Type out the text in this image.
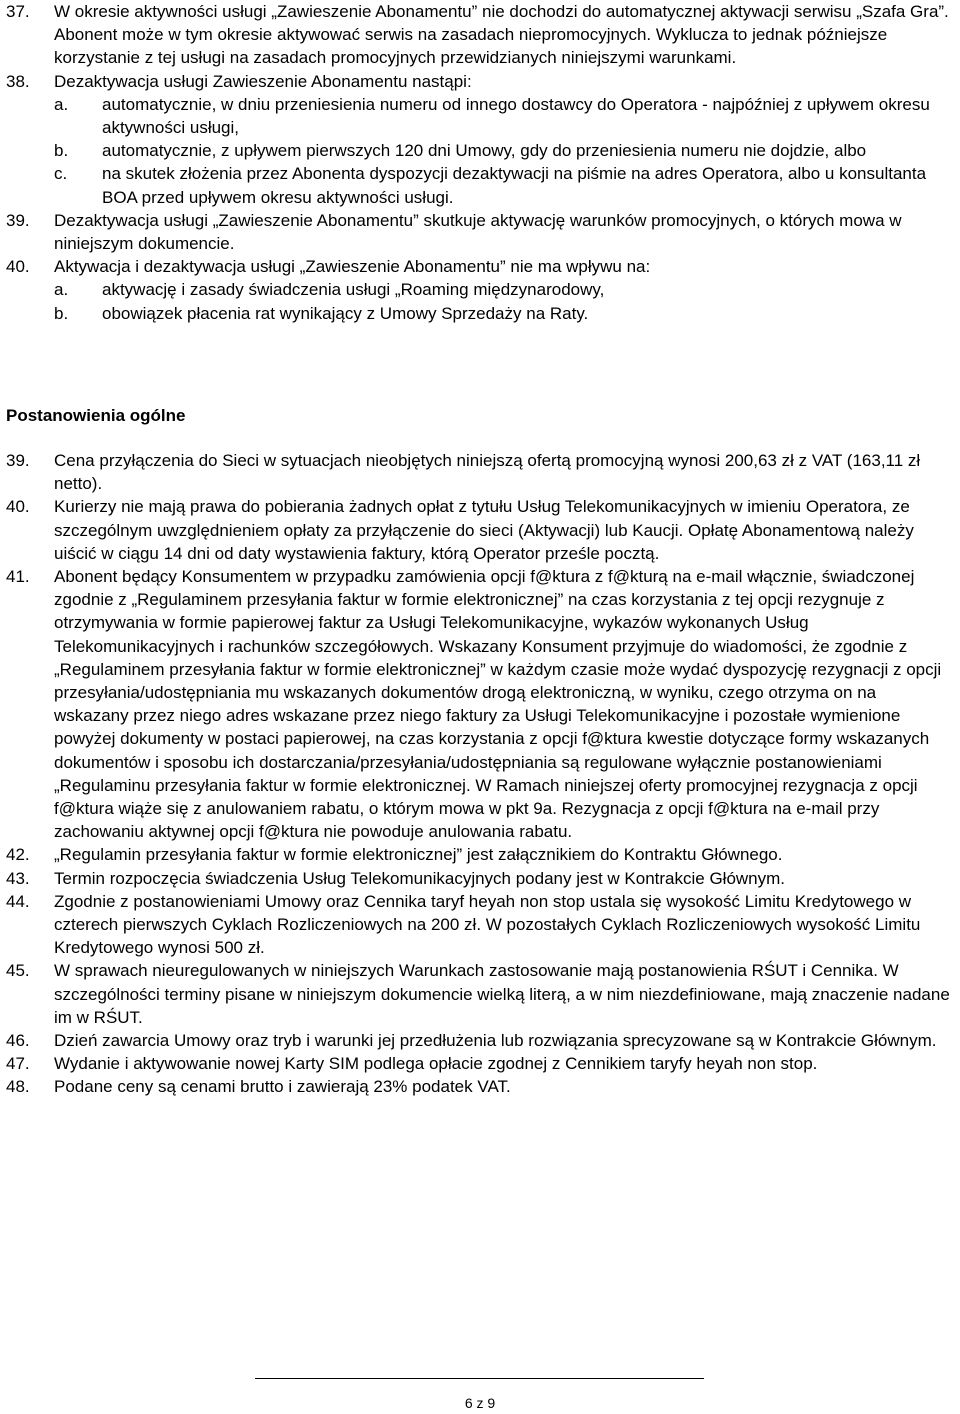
37.	W okresie aktywności usługi „Zawieszenie Abonamentu” nie dochodzi do automatycznej aktywacji serwisu „Szafa Gra”. Abonent może w tym okresie aktywować serwis na zasadach niepromocyjnych. Wyklucza to jednak późniejsze korzystanie z tej usługi na zasadach promocyjnych przewidzianych niniejszymi warunkami.
38.	Dezaktywacja usługi Zawieszenie Abonamentu nastąpi:
a.	automatycznie, w dniu przeniesienia numeru od innego dostawcy do Operatora - najpóźniej z upływem okresu aktywności usługi,
b.	automatycznie, z upływem pierwszych 120 dni Umowy, gdy do przeniesienia numeru nie dojdzie, albo
c.	na skutek złożenia przez Abonenta dyspozycji dezaktywacji na piśmie na adres Operatora, albo u konsultanta BOA przed upływem okresu aktywności usługi.
39.	Dezaktywacja usługi „Zawieszenie Abonamentu” skutkuje aktywację warunków promocyjnych, o których mowa w niniejszym dokumencie.
40.	Aktywacja i dezaktywacja usługi „Zawieszenie Abonamentu” nie ma wpływu na:
a.	aktywację i zasady świadczenia usługi „Roaming międzynarodowy,
b.	obowiązek płacenia rat wynikający z Umowy Sprzedaży na Raty.
Postanowienia ogólne
39.	Cena przyłączenia do Sieci w sytuacjach nieobjętych niniejszą ofertą promocyjną wynosi 200,63 zł z VAT (163,11 zł netto).
40.	Kurierzy nie mają prawa do pobierania żadnych opłat z tytułu Usług Telekomunikacyjnych w imieniu Operatora, ze szczególnym uwzględnieniem opłaty za przyłączenie do sieci (Aktywacji) lub Kaucji. Opłatę Abonamentową należy uiścić w ciągu 14 dni od daty wystawienia faktury, którą Operator prześle pocztą.
41.	Abonent będący Konsumentem w przypadku zamówienia opcji f@ktura z f@kturą na e-mail włącznie, świadczonej zgodnie z „Regulaminem przesyłania faktur w formie elektronicznej” na czas korzystania z tej opcji rezygnuje z otrzymywania w formie papierowej faktur za Usługi Telekomunikacyjne, wykazów wykonanych Usług Telekomunikacyjnych i rachunków szczegółowych. Wskazany Konsument przyjmuje do wiadomości, że zgodnie z „Regulaminem przesyłania faktur w formie elektronicznej” w każdym czasie może wydać dyspozycję rezygnacji z opcji przesyłania/udostępniania mu wskazanych dokumentów drogą elektroniczną, w wyniku, czego otrzyma on na wskazany przez niego adres wskazane przez niego faktury za Usługi Telekomunikacyjne i pozostałe wymienione powyżej dokumenty w postaci papierowej, na czas korzystania z opcji f@ktura kwestie dotyczące formy wskazanych dokumentów i sposobu ich dostarczania/przesyłania/udostępniania są regulowane wyłącznie postanowieniami „Regulaminu przesyłania faktur w formie elektronicznej. W Ramach niniejszej oferty promocyjnej rezygnacja z opcji f@ktura wiąże się z anulowaniem rabatu, o którym mowa w pkt 9a. Rezygnacja z opcji f@ktura na e-mail przy zachowaniu aktywnej opcji f@ktura nie powoduje anulowania rabatu.
42.	„Regulamin przesyłania faktur w formie elektronicznej” jest załącznikiem do Kontraktu Głównego.
43.	Termin rozpoczęcia świadczenia Usług Telekomunikacyjnych podany jest w Kontrakcie Głównym.
44.	Zgodnie z postanowieniami Umowy oraz Cennika taryf heyah non stop ustala się wysokość Limitu Kredytowego w czterech pierwszych Cyklach Rozliczeniowych na 200 zł. W pozostałych Cyklach Rozliczeniowych wysokość Limitu Kredytowego wynosi 500 zł.
45.	W sprawach nieuregulowanych w niniejszych Warunkach zastosowanie mają postanowienia RŚUT i Cennika. W szczególności terminy pisane w niniejszym dokumencie wielką literą, a w nim niezdefiniowane, mają znaczenie nadane im w RŚUT.
46.	Dzień zawarcia Umowy oraz tryb i warunki jej przedłużenia lub rozwiązania sprecyzowane są w Kontrakcie Głównym.
47.	Wydanie i aktywowanie nowej Karty SIM podlega opłacie zgodnej z Cennikiem taryfy heyah non stop.
48.	Podane ceny są cenami brutto i zawierają 23% podatek VAT.
6 z 9
